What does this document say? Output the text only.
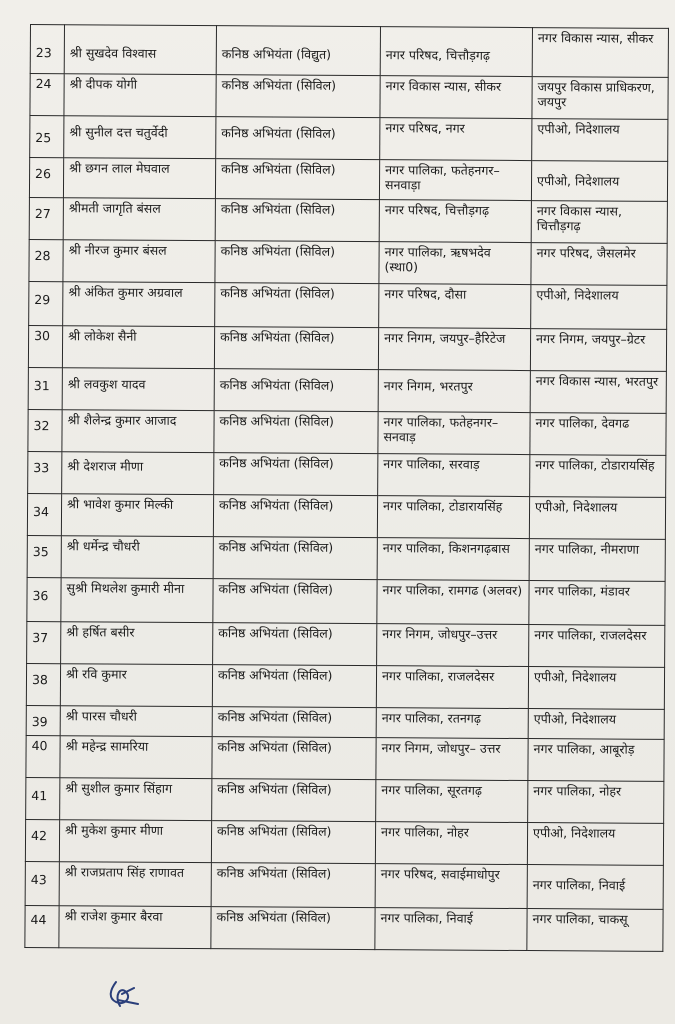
23	श्री सुखदेव विश्वास	कनिष्ठ अभियंता (विद्युत)	नगर परिषद, चित्तौड़गढ़	नगर विकास न्यास, सीकर
24	श्री दीपक योगी	कनिष्ठ अभियंता (सिविल)	नगर विकास न्यास, सीकर	जयपुर विकास प्राधिकरण, जयपुर
25	श्री सुनील दत्त चतुर्वेदी	कनिष्ठ अभियंता (सिविल)	नगर परिषद, नगर	एपीओ, निदेशालय
26	श्री छगन लाल मेघवाल	कनिष्ठ अभियंता (सिविल)	नगर पालिका, फतेहनगर–सनवाड़ा	एपीओ, निदेशालय
27	श्रीमती जागृति बंसल	कनिष्ठ अभियंता (सिविल)	नगर परिषद, चित्तौड़गढ़	नगर विकास न्यास, चित्तौड़गढ़
28	श्री नीरज कुमार बंसल	कनिष्ठ अभियंता (सिविल)	नगर पालिका, ऋषभदेव (स्था0)	नगर परिषद, जैसलमेर
29	श्री अंकित कुमार अग्रवाल	कनिष्ठ अभियंता (सिविल)	नगर परिषद, दौसा	एपीओ, निदेशालय
30	श्री लोकेश सैनी	कनिष्ठ अभियंता (सिविल)	नगर निगम, जयपुर–हैरिटेज	नगर निगम, जयपुर–ग्रेटर
31	श्री लवकुश यादव	कनिष्ठ अभियंता (सिविल)	नगर निगम, भरतपुर	नगर विकास न्यास, भरतपुर
32	श्री शैलेन्द्र कुमार आजाद	कनिष्ठ अभियंता (सिविल)	नगर पालिका, फतेहनगर–सनवाड़	नगर पालिका, देवगढ
33	श्री देशराज मीणा	कनिष्ठ अभियंता (सिविल)	नगर पालिका, सरवाड़	नगर पालिका, टोडारायसिंह
34	श्री भावेश कुमार मिल्की	कनिष्ठ अभियंता (सिविल)	नगर पालिका, टोडारायसिंह	एपीओ, निदेशालय
35	श्री धर्मेन्द्र चौधरी	कनिष्ठ अभियंता (सिविल)	नगर पालिका, किशनगढ़बास	नगर पालिका, नीमराणा
36	सुश्री मिथलेश कुमारी मीना	कनिष्ठ अभियंता (सिविल)	नगर पालिका, रामगढ (अलवर)	नगर पालिका, मंडावर
37	श्री हर्षित बसीर	कनिष्ठ अभियंता (सिविल)	नगर निगम, जोधपुर–उत्तर	नगर पालिका, राजलदेसर
38	श्री रवि कुमार	कनिष्ठ अभियंता (सिविल)	नगर पालिका, राजलदेसर	एपीओ, निदेशालय
39	श्री पारस चौधरी	कनिष्ठ अभियंता (सिविल)	नगर पालिका, रतनगढ़	एपीओ, निदेशालय
40	श्री महेन्द्र सामरिया	कनिष्ठ अभियंता (सिविल)	नगर निगम, जोधपुर– उत्तर	नगर पालिका, आबूरोड़
41	श्री सुशील कुमार सिंहाग	कनिष्ठ अभियंता (सिविल)	नगर पालिका, सूरतगढ़	नगर पालिका, नोहर
42	श्री मुकेश कुमार मीणा	कनिष्ठ अभियंता (सिविल)	नगर पालिका, नोहर	एपीओ, निदेशालय
43	श्री राजप्रताप सिंह राणावत	कनिष्ठ अभियंता (सिविल)	नगर परिषद, सवाईमाधोपुर	नगर पालिका, निवाई
44	श्री राजेश कुमार बैरवा	कनिष्ठ अभियंता (सिविल)	नगर पालिका, निवाई	नगर पालिका, चाकसू
